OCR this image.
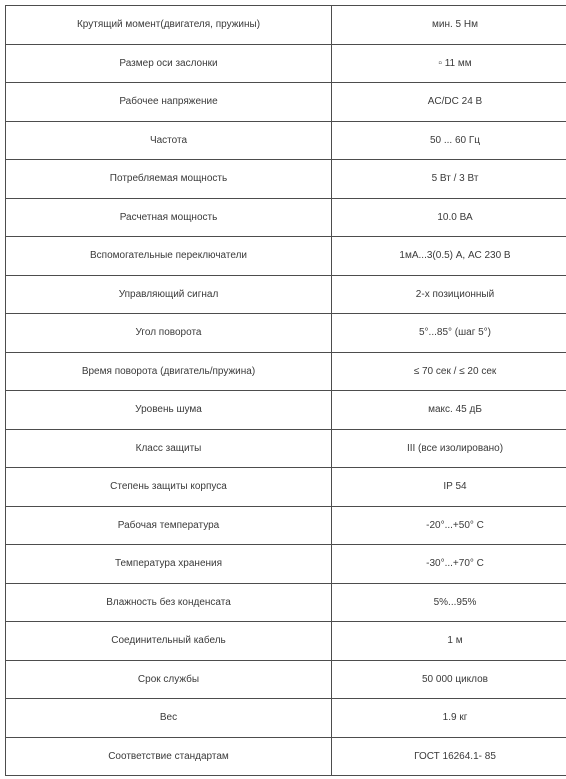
Крутящий момент(двигателя, пружины)	мин. 5 Нм
Размер оси заслонки	▫ 11 мм
Рабочее напряжение	AC/DC 24 В
Частота	50 ... 60 Гц
Потребляемая мощность	5 Вт / 3 Вт
Расчетная мощность	10.0 ВА
Вспомогательные переключатели	1мА...3(0.5) А, АС 230 В
Управляющий сигнал	2-х позиционный
Угол поворота	5°...85° (шаг 5°)
Время поворота (двигатель/пружина)	≤ 70 сек / ≤ 20 сек
Уровень шума	макс. 45 дБ
Класс защиты	III (все изолировано)
Степень защиты корпуса	IP 54
Рабочая температура	-20°...+50° С
Температура хранения	-30°...+70° С
Влажность без конденсата	5%...95%
Соединительный кабель	1 м
Срок службы	50 000 циклов
Вес	1.9 кг
Соответствие стандартам	ГОСТ 16264.1- 85
